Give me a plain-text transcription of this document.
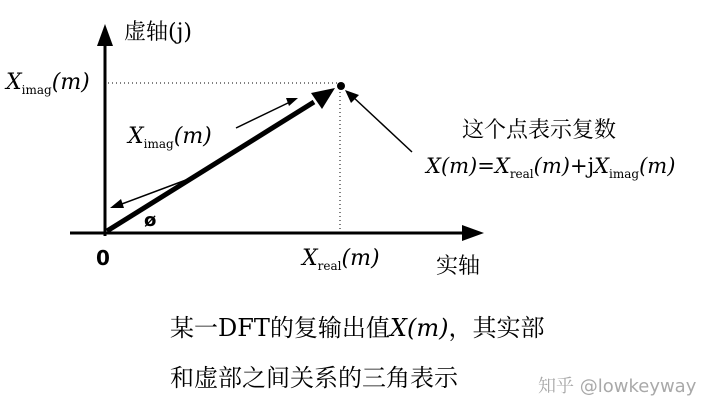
虚轴(j)
实轴
0
ø
$X_{imag}(m)$
$X_{imag}(m)$
$X_{real}(m)$
这个点表示复数
$X(m)=X_{real}(m)+jX_{imag}(m)$
某一DFT的复输出值X(m)，其实部
和虚部之间关系的三角表示	知乎 @lowkeyway
